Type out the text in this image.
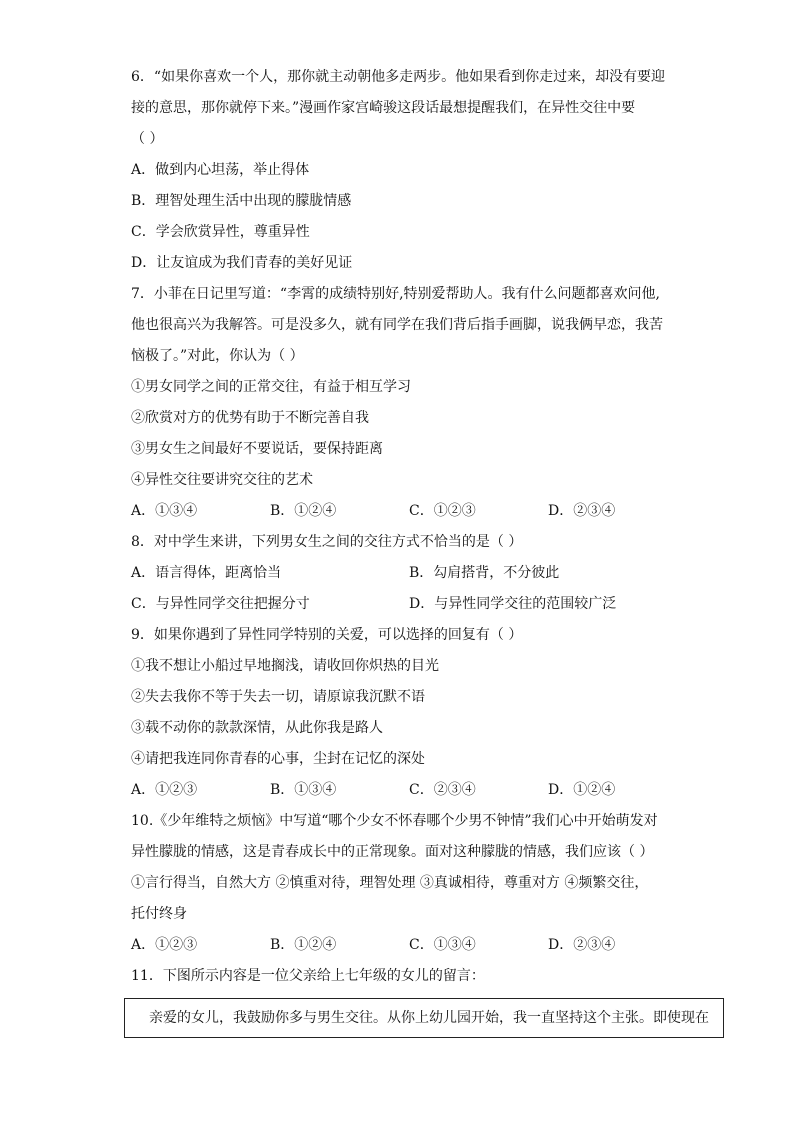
6．“如果你喜欢一个人，那你就主动朝他多走两步。他如果看到你走过来，却没有要迎
接的意思，那你就停下来。”漫画作家宫崎骏这段话最想提醒我们，在异性交往中要
（ ）
A．做到内心坦荡，举止得体
B．理智处理生活中出现的朦胧情感
C．学会欣赏异性，尊重异性
D．让友谊成为我们青春的美好见证
7．小菲在日记里写道：“李霄的成绩特别好,特别爱帮助人。我有什么问题都喜欢问他,
他也很高兴为我解答。可是没多久，就有同学在我们背后指手画脚，说我俩早恋，我苦
恼极了。”对此，你认为（ ）
①男女同学之间的正常交往，有益于相互学习
②欣赏对方的优势有助于不断完善自我
③男女生之间最好不要说话，要保持距离
④异性交往要讲究交往的艺术
A．①③④	B．①②④	C．①②③	D．②③④
8．对中学生来讲，下列男女生之间的交往方式不恰当的是（ ）
A．语言得体，距离恰当	B．勾肩搭背，不分彼此
C．与异性同学交往把握分寸	D．与异性同学交往的范围较广泛
9．如果你遇到了异性同学特别的关爱，可以选择的回复有（ ）
①我不想让小船过早地搁浅，请收回你炽热的目光
②失去我你不等于失去一切，请原谅我沉默不语
③载不动你的款款深情，从此你我是路人
④请把我连同你青春的心事，尘封在记忆的深处
A．①②③	B．①③④	C．②③④	D．①②④
10.《少年维特之烦恼》中写道“哪个少女不怀春哪个少男不钟情”我们心中开始萌发对
异性朦胧的情感，这是青春成长中的正常现象。面对这种朦胧的情感，我们应该（ ）
①言行得当，自然大方 ②慎重对待，理智处理 ③真诚相待，尊重对方 ④频繁交往，
托付终身
A．①②③	B．①②④	C．①③④	D．②③④
11．下图所示内容是一位父亲给上七年级的女儿的留言：
亲爱的女儿，我鼓励你多与男生交往。从你上幼儿园开始，我一直坚持这个主张。即使现在
